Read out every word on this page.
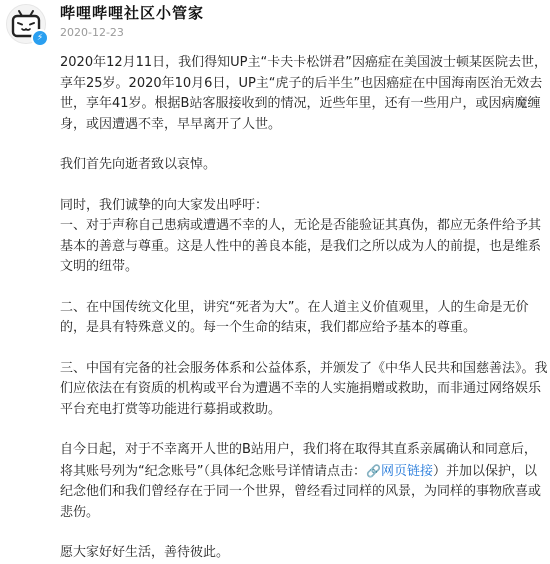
⚡
哔哩哔哩社区小管家
2020-12-23

2020年12月11日，我们得知UP主“卡夫卡松饼君”因癌症在美国波士顿某医院去世，享年25岁。2020年10月6日，UP主“虎子的后半生”也因癌症在中国海南医治无效去世，享年41岁。根据B站客服接收到的情况，近些年里，还有一些用户，或因病魔缠身，或因遭遇不幸，早早离开了人世。

我们首先向逝者致以哀悼。

同时，我们诚挚的向大家发出呼吁：

一、对于声称自己患病或遭遇不幸的人，无论是否能验证其真伪，都应无条件给予其基本的善意与尊重。这是人性中的善良本能，是我们之所以成为人的前提，也是维系文明的纽带。

二、在中国传统文化里，讲究“死者为大”。在人道主义价值观里，人的生命是无价的，是具有特殊意义的。每一个生命的结束，我们都应给予基本的尊重。

三、中国有完备的社会服务体系和公益体系，并颁发了《中华人民共和国慈善法》。我们应依法在有资质的机构或平台为遭遇不幸的人实施捐赠或救助，而非通过网络娱乐平台充电打赏等功能进行募捐或救助。

自今日起，对于不幸离开人世的B站用户，我们将在取得其直系亲属确认和同意后，将其账号列为“纪念账号”（具体纪念账号详情请点击：🔗网页链接）并加以保护，以纪念他们和我们曾经存在于同一个世界，曾经看过同样的风景，为同样的事物欣喜或悲伤。

愿大家好好生活，善待彼此。
